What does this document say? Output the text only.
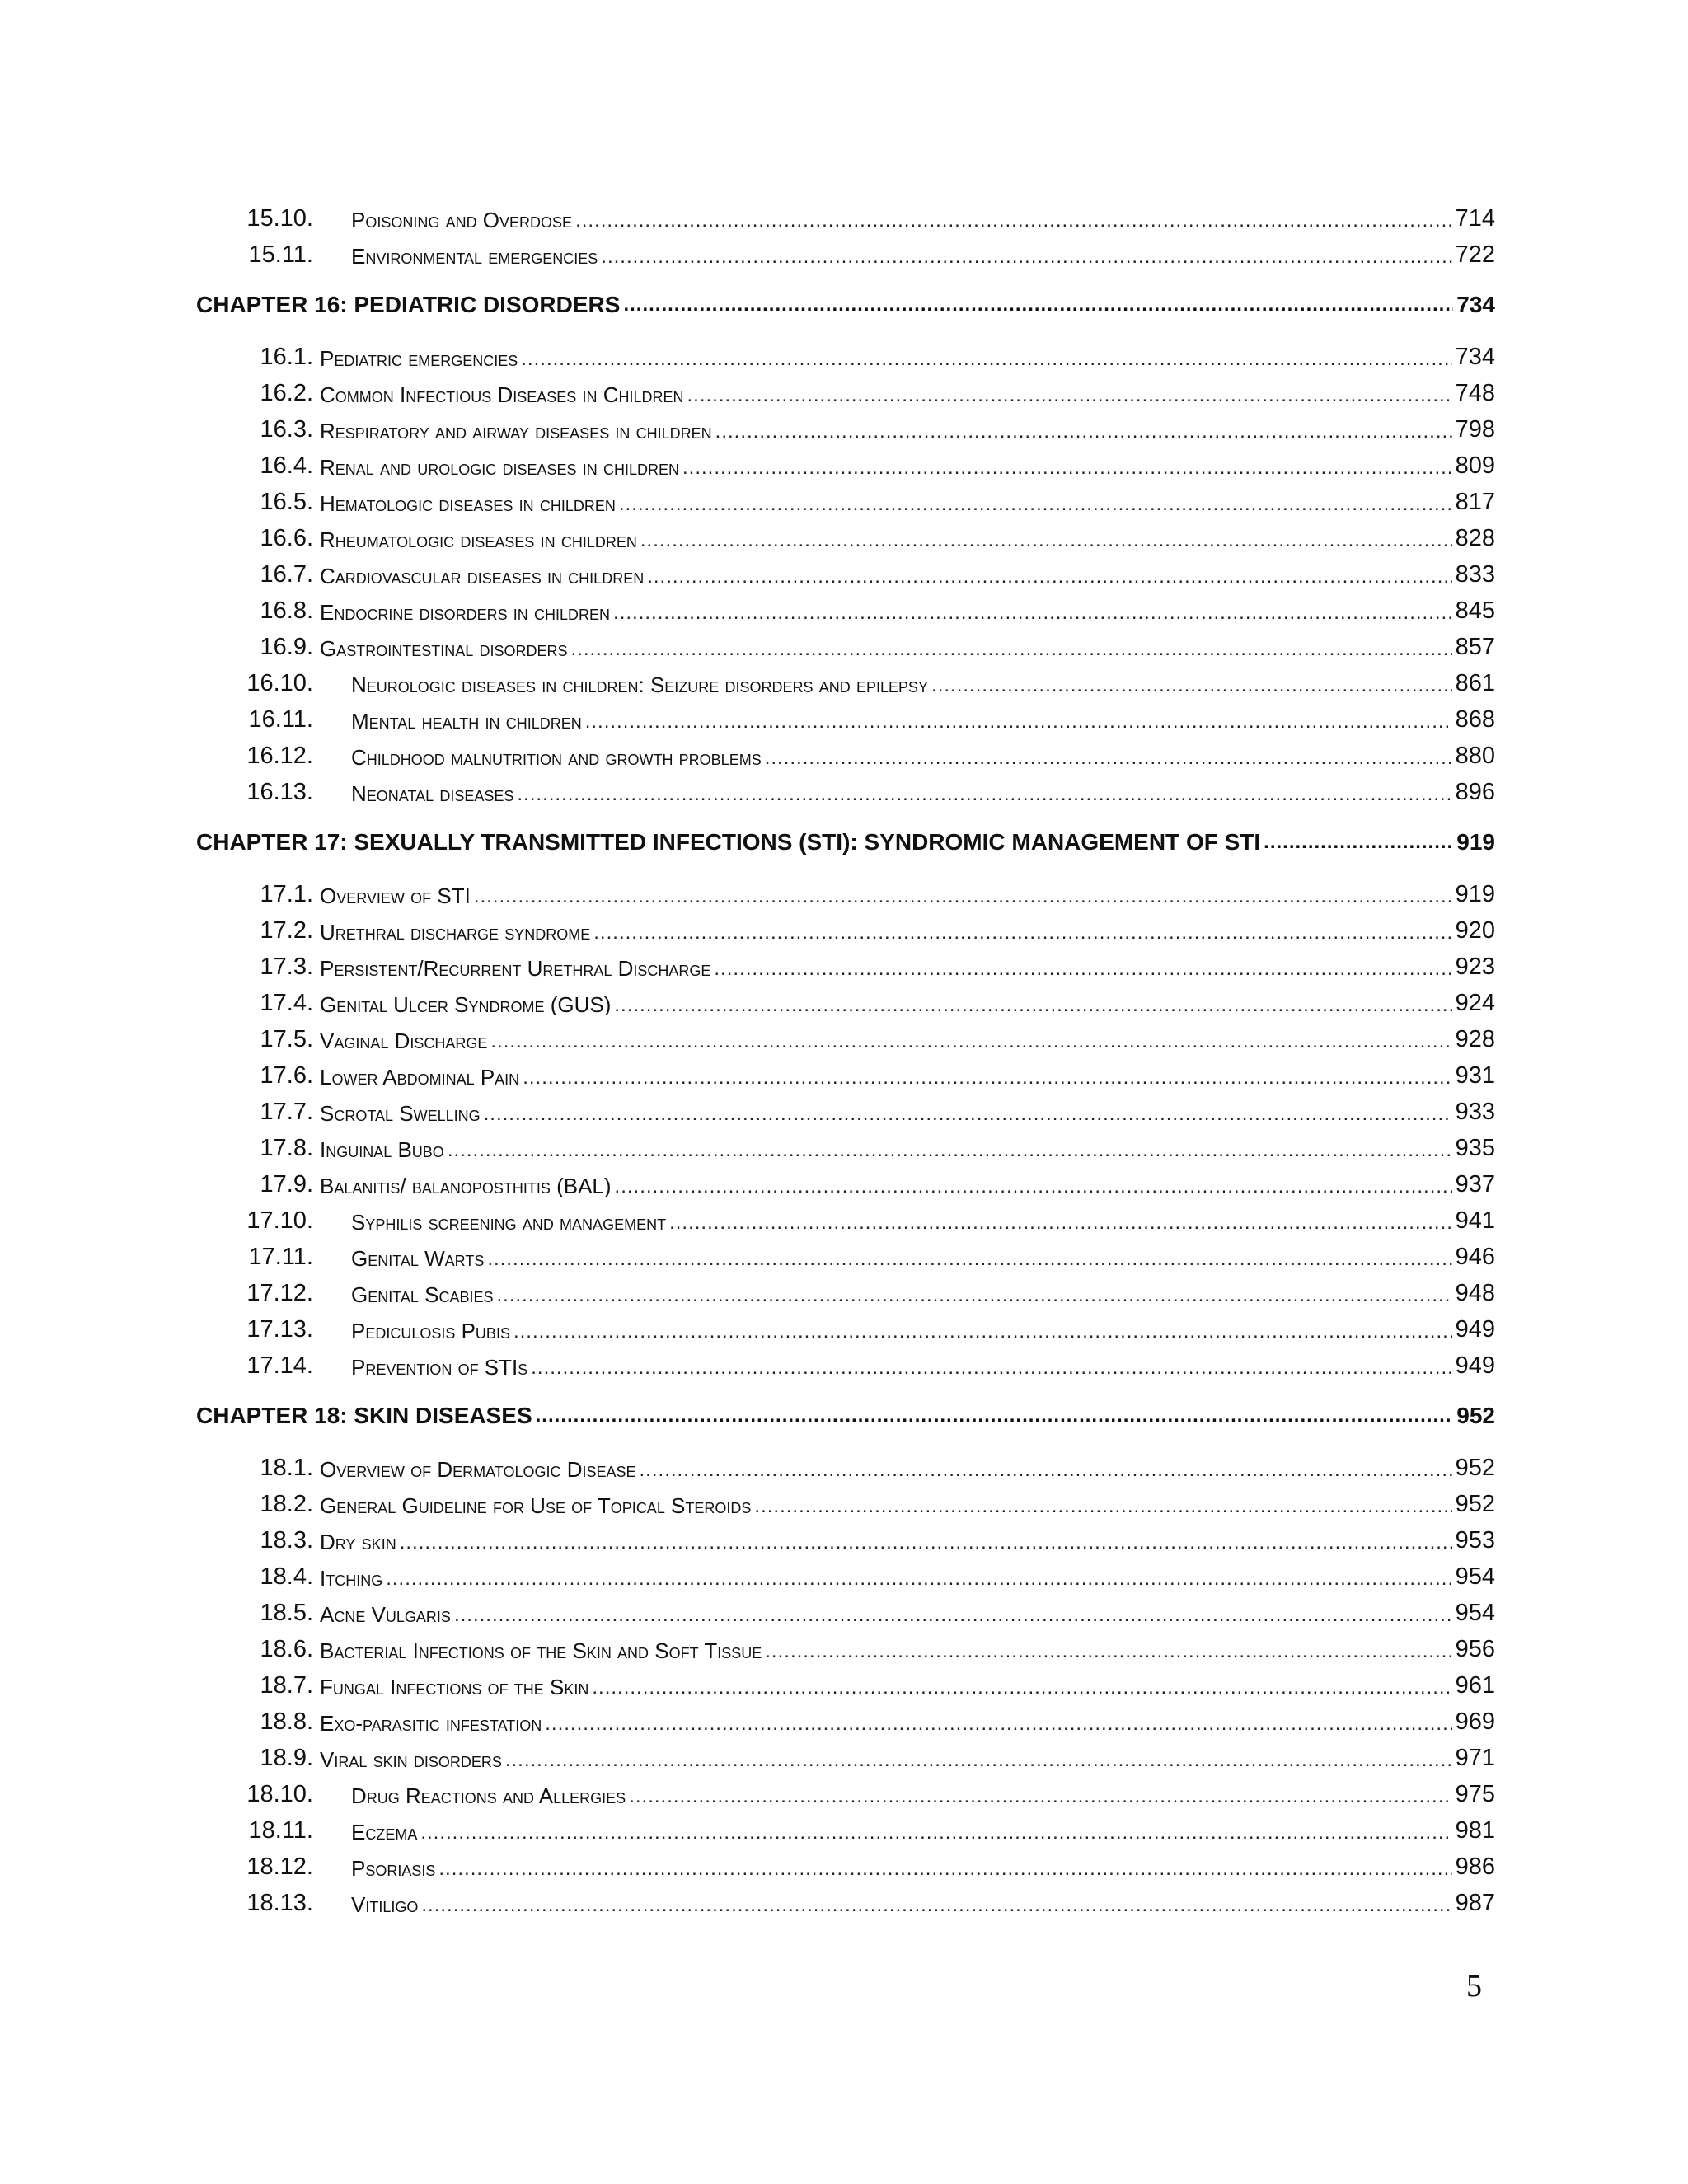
15.10. Poisoning and Overdose .....	714
15.11. Environmental emergencies .....	722
CHAPTER 16: PEDIATRIC DISORDERS .....	734
16.1. Pediatric emergencies .....	734
16.2. Common Infectious Diseases in Children .....	748
16.3. Respiratory and airway diseases in children .....	798
16.4. Renal and urologic diseases in children .....	809
16.5. Hematologic diseases in children .....	817
16.6. Rheumatologic diseases in children .....	828
16.7. Cardiovascular diseases in children .....	833
16.8. Endocrine disorders in children .....	845
16.9. Gastrointestinal disorders .....	857
16.10. Neurologic diseases in children: Seizure disorders and epilepsy .....	861
16.11. Mental health in children .....	868
16.12. Childhood malnutrition and growth problems .....	880
16.13. Neonatal diseases .....	896
CHAPTER 17: SEXUALLY TRANSMITTED INFECTIONS (STI): SYNDROMIC MANAGEMENT OF STI .....	919
17.1. Overview of STI .....	919
17.2. Urethral discharge syndrome .....	920
17.3. Persistent/Recurrent Urethral Discharge .....	923
17.4. Genital Ulcer Syndrome (GUS) .....	924
17.5. Vaginal Discharge .....	928
17.6. Lower Abdominal Pain .....	931
17.7. Scrotal Swelling .....	933
17.8. Inguinal Bubo .....	935
17.9. Balanitis/ balanoposthitis (BAL) .....	937
17.10. Syphilis screening and management .....	941
17.11. Genital Warts .....	946
17.12. Genital Scabies .....	948
17.13. Pediculosis Pubis .....	949
17.14. Prevention of STIs .....	949
CHAPTER 18: SKIN DISEASES .....	952
18.1. Overview of Dermatologic Disease .....	952
18.2. General Guideline for Use of Topical Steroids .....	952
18.3. Dry skin .....	953
18.4. Itching .....	954
18.5. Acne Vulgaris .....	954
18.6. Bacterial Infections of the Skin and Soft Tissue .....	956
18.7. Fungal Infections of the Skin .....	961
18.8. Exo-parasitic infestation .....	969
18.9. Viral skin disorders .....	971
18.10. Drug Reactions and Allergies .....	975
18.11. Eczema .....	981
18.12. Psoriasis .....	986
18.13. Vitiligo .....	987
5
